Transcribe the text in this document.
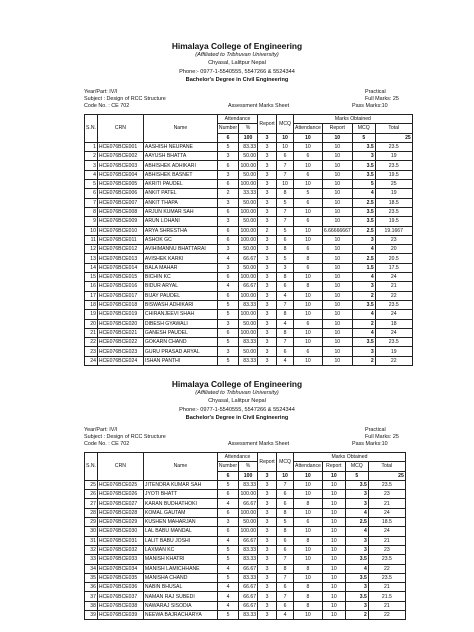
Himalaya College of Engineering
(Affiliated to Tribhuvan University)
Chyasal, Lalitpur Nepal
Phone:- 0977-1-5540555, 5547266 & 5524344
Bachelor's Degree in Civil Engineering
Year/Part: IV/I	Practical
Subject : Design of RCC Structure	Full Marks: 25
Code No. : CE 702	Assessment Marks Sheet	Pass Marks:10
S.N.	CRN	Name	Attendance		Report	MCQ	Marks Obtained			
			Number	%			Attendance	Report	MCQ	Total
			6	100	3	10	10	10	5	25
1	HCE076BCE001	AASHISH NEUPANE	5	83.33	3	10	10	10	3.5	23.5
2	HCE076BCE002	AAYUSH BHATTA	3	50.00	3	6	6	10	3	19
3	HCE076BCE003	ABHISHEK ADHIKARI	6	100.00	3	7	10	10	3.5	23.5
4	HCE076BCE004	ABHISHEK BASNET	3	50.00	3	7	6	10	3.5	19.5
5	HCE076BCE005	AKRITI PAUDEL	6	100.00	3	10	10	10	5	25
6	HCE076BCE006	ANKIT PATEL	2	33.33	3	8	5	10	4	19
7	HCE076BCE007	ANKIT THAPA	3	50.00	3	5	6	10	2.5	18.5
8	HCE076BCE008	ARJUN KUMAR SAH	6	100.00	3	7	10	10	3.5	23.5
9	HCE076BCE009	ARUN LOHANI	3	50.00	3	7	6	10	3.5	19.5
10	HCE076BCE010	ARYA SHRESTHA	6	100.00	2	5	10	6.66666667	2.5	19.1667
11	HCE076BCE011	ASHOK GC	6	100.00	3	6	10	10	3	23
12	HCE076BCE012	AVIHIMANNU BHATTARAI	3	50.00	3	8	6	10	4	20
13	HCE076BCE013	AVISHEK KARKI	4	66.67	3	5	8	10	2.5	20.5
14	HCE076BCE014	BALA MAHAR	3	50.00	3	3	6	10	1.5	17.5
15	HCE076BCE015	BICHIN KC	6	100.00	3	8	10	10	4	24
16	HCE076BCE016	BIDUR ARYAL	4	66.67	3	6	8	10	3	21
17	HCE076BCE017	BIJAY PAUDEL	6	100.00	3	4	10	10	2	22
18	HCE076BCE018	BISWASH ADHIKARI	5	83.33	3	7	10	10	3.5	23.5
19	HCE076BCE019	CHIRANJEEVI SHAH	5	100.00	3	8	10	10	4	24
20	HCE076BCE020	DIBESH GYAWALI	3	50.00	3	4	6	10	2	18
21	HCE076BCE021	GANESH PAUDEL	6	100.00	3	8	10	10	4	24
22	HCE076BCE022	GOKARN CHAND	5	83.33	3	7	10	10	3.5	23.5
23	HCE076BCE023	GURU PRASAD ARYAL	3	50.00	3	6	6	10	3	19
24	HCE076BCE024	ISHAN PANTHI	5	83.33	3	4	10	10	2	22
Himalaya College of Engineering
(Affiliated to Tribhuvan University)
Chyasal, Lalitpur Nepal
Phone:- 0977-1-5540555, 5547266 & 5524344
Bachelor's Degree in Civil Engineering
Year/Part: IV/I	Practical
Subject : Design of RCC Structure	Full Marks: 25
Code No. : CE 702	Assessment Marks Sheet	Pass Marks:10
S.N.	CRN	Name	Attendance		Report	MCQ	Marks Obtained			
			Number	%			Attendance	Report	MCQ	Total
			6	100	3	10	10	10	5	25
25	HCE076BCE025	JITENDRA KUMAR SAH	5	83.33	3	7	10	10	3.5	23.5
26	HCE076BCE026	JYOTI BHATT	6	100.00	3	6	10	10	3	23
27	HCE076BCE027	KARAN BUDHATHOKI	4	66.67	3	6	8	10	3	21
28	HCE076BCE028	KOMAL GAUTAM	6	100.00	3	8	10	10	4	24
29	HCE076BCE029	KUSHEN MAHARJAN	3	50.00	3	5	6	10	2.5	18.5
30	HCE076BCE030	LAL BABU MANDAL	6	100.00	3	8	10	10	4	24
31	HCE076BCE031	LALIT BABU JOSHI	4	66.67	3	6	8	10	3	21
32	HCE076BCE032	LAXMAN KC	5	83.33	3	6	10	10	3	23
33	HCE076BCE033	MANISH KHATRI	5	83.33	3	7	10	10	3.5	23.5
34	HCE076BCE034	MANISH LAMICHHANE	4	66.67	3	8	8	10	4	22
35	HCE076BCE035	MANISHA CHAND	5	83.33	3	7	10	10	3.5	23.5
36	HCE076BCE036	NABIN BHUSAL	4	66.67	3	6	8	10	3	21
37	HCE076BCE037	NAMAN RAJ SUBEDI	4	66.67	3	7	8	10	3.5	21.5
38	HCE076BCE038	NAWARAJ SISODIA	4	66.67	3	6	8	10	3	21
39	HCE076BCE039	NEEWA BAJRACHARYA	5	83.33	3	4	10	10	2	22
